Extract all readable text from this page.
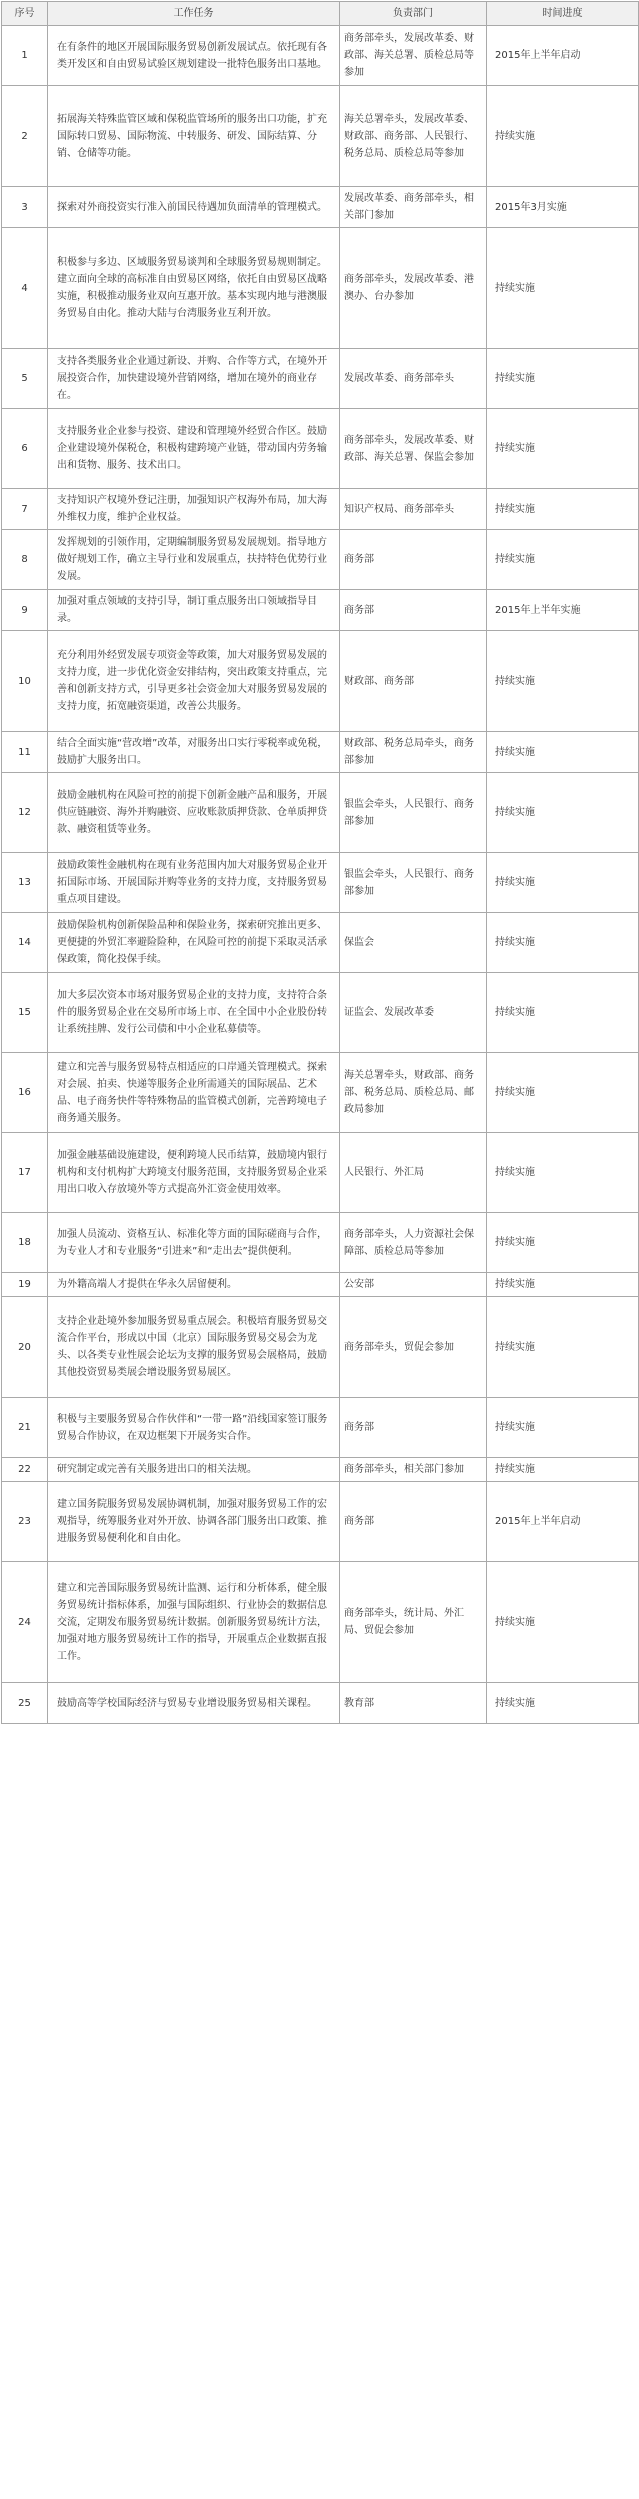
序号	工作任务	负责部门	时间进度
1	在有条件的地区开展国际服务贸易创新发展试点。依托现有各类开发区和自由贸易试验区规划建设一批特色服务出口基地。	商务部牵头，发展改革委、财政部、海关总署、质检总局等参加	2015年上半年启动
2	拓展海关特殊监管区域和保税监管场所的服务出口功能，扩充国际转口贸易、国际物流、中转服务、研发、国际结算、分销、仓储等功能。	海关总署牵头，发展改革委、财政部、商务部、人民银行、税务总局、质检总局等参加	持续实施
3	探索对外商投资实行准入前国民待遇加负面清单的管理模式。	发展改革委、商务部牵头，相关部门参加	2015年3月实施
4	积极参与多边、区域服务贸易谈判和全球服务贸易规则制定。建立面向全球的高标准自由贸易区网络，依托自由贸易区战略实施，积极推动服务业双向互惠开放。基本实现内地与港澳服务贸易自由化。推动大陆与台湾服务业互利开放。	商务部牵头，发展改革委、港澳办、台办参加	持续实施
5	支持各类服务业企业通过新设、并购、合作等方式，在境外开展投资合作，加快建设境外营销网络，增加在境外的商业存在。	发展改革委、商务部牵头	持续实施
6	支持服务业企业参与投资、建设和管理境外经贸合作区。鼓励企业建设境外保税仓，积极构建跨境产业链，带动国内劳务输出和货物、服务、技术出口。	商务部牵头，发展改革委、财政部、海关总署、保监会参加	持续实施
7	支持知识产权境外登记注册，加强知识产权海外布局，加大海外维权力度，维护企业权益。	知识产权局、商务部牵头	持续实施
8	发挥规划的引领作用，定期编制服务贸易发展规划。指导地方做好规划工作，确立主导行业和发展重点，扶持特色优势行业发展。	商务部	持续实施
9	加强对重点领域的支持引导，制订重点服务出口领域指导目录。	商务部	2015年上半年实施
10	充分利用外经贸发展专项资金等政策，加大对服务贸易发展的支持力度，进一步优化资金安排结构，突出政策支持重点，完善和创新支持方式，引导更多社会资金加大对服务贸易发展的支持力度，拓宽融资渠道，改善公共服务。	财政部、商务部	持续实施
11	结合全面实施“营改增”改革，对服务出口实行零税率或免税，鼓励扩大服务出口。	财政部、税务总局牵头，商务部参加	持续实施
12	鼓励金融机构在风险可控的前提下创新金融产品和服务，开展供应链融资、海外并购融资、应收账款质押贷款、仓单质押贷款、融资租赁等业务。	银监会牵头，人民银行、商务部参加	持续实施
13	鼓励政策性金融机构在现有业务范围内加大对服务贸易企业开拓国际市场、开展国际并购等业务的支持力度，支持服务贸易重点项目建设。	银监会牵头，人民银行、商务部参加	持续实施
14	鼓励保险机构创新保险品种和保险业务，探索研究推出更多、更便捷的外贸汇率避险险种，在风险可控的前提下采取灵活承保政策，简化投保手续。	保监会	持续实施
15	加大多层次资本市场对服务贸易企业的支持力度，支持符合条件的服务贸易企业在交易所市场上市、在全国中小企业股份转让系统挂牌、发行公司债和中小企业私募债等。	证监会、发展改革委	持续实施
16	建立和完善与服务贸易特点相适应的口岸通关管理模式。探索对会展、拍卖、快递等服务企业所需通关的国际展品、艺术品、电子商务快件等特殊物品的监管模式创新，完善跨境电子商务通关服务。	海关总署牵头，财政部、商务部、税务总局、质检总局、邮政局参加	持续实施
17	加强金融基础设施建设，便利跨境人民币结算，鼓励境内银行机构和支付机构扩大跨境支付服务范围，支持服务贸易企业采用出口收入存放境外等方式提高外汇资金使用效率。	人民银行、外汇局	持续实施
18	加强人员流动、资格互认、标准化等方面的国际磋商与合作，为专业人才和专业服务“引进来”和“走出去”提供便利。	商务部牵头，人力资源社会保障部、质检总局等参加	持续实施
19	为外籍高端人才提供在华永久居留便利。	公安部	持续实施
20	支持企业赴境外参加服务贸易重点展会。积极培育服务贸易交流合作平台，形成以中国（北京）国际服务贸易交易会为龙头、以各类专业性展会论坛为支撑的服务贸易会展格局，鼓励其他投资贸易类展会增设服务贸易展区。	商务部牵头，贸促会参加	持续实施
21	积极与主要服务贸易合作伙伴和“一带一路”沿线国家签订服务贸易合作协议，在双边框架下开展务实合作。	商务部	持续实施
22	研究制定或完善有关服务进出口的相关法规。	商务部牵头，相关部门参加	持续实施
23	建立国务院服务贸易发展协调机制，加强对服务贸易工作的宏观指导，统筹服务业对外开放、协调各部门服务出口政策、推进服务贸易便利化和自由化。	商务部	2015年上半年启动
24	建立和完善国际服务贸易统计监测、运行和分析体系，健全服务贸易统计指标体系，加强与国际组织、行业协会的数据信息交流，定期发布服务贸易统计数据。创新服务贸易统计方法，加强对地方服务贸易统计工作的指导，开展重点企业数据直报工作。	商务部牵头，统计局、外汇局、贸促会参加	持续实施
25	鼓励高等学校国际经济与贸易专业增设服务贸易相关课程。	教育部	持续实施
